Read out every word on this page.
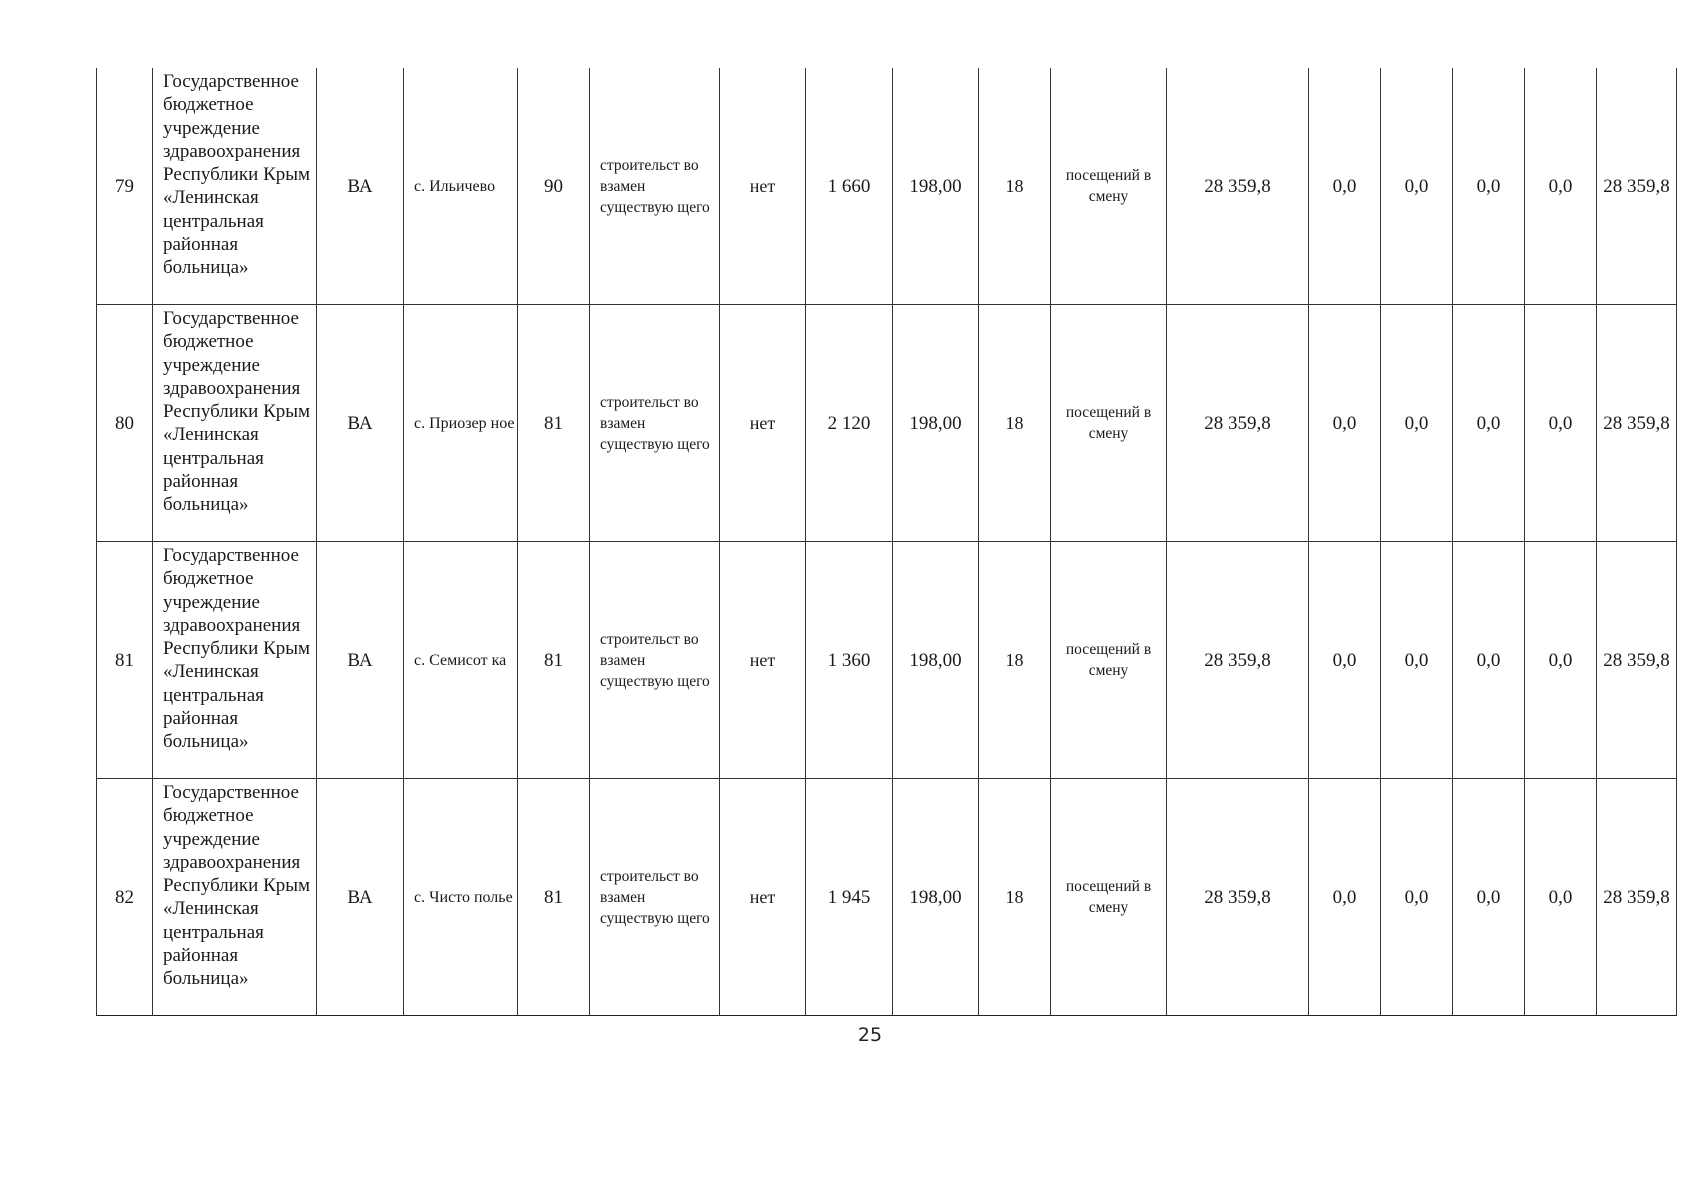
79	Государственное бюджетное учреждение здравоохранения Республики Крым «Ленинская центральная районная больница»	ВА	с. Ильичево	90	строительст во взамен существую щего	нет	1 660	198,00	18	посещений в смену	28 359,8	0,0	0,0	0,0	0,0	28 359,8
80	Государственное бюджетное учреждение здравоохранения Республики Крым «Ленинская центральная районная больница»	ВА	с. Приозер ное	81	строительст во взамен существую щего	нет	2 120	198,00	18	посещений в смену	28 359,8	0,0	0,0	0,0	0,0	28 359,8
81	Государственное бюджетное учреждение здравоохранения Республики Крым «Ленинская центральная районная больница»	ВА	с. Семисот ка	81	строительст во взамен существую щего	нет	1 360	198,00	18	посещений в смену	28 359,8	0,0	0,0	0,0	0,0	28 359,8
82	Государственное бюджетное учреждение здравоохранения Республики Крым «Ленинская центральная районная больница»	ВА	с. Чисто полье	81	строительст во взамен существую щего	нет	1 945	198,00	18	посещений в смену	28 359,8	0,0	0,0	0,0	0,0	28 359,8
25
